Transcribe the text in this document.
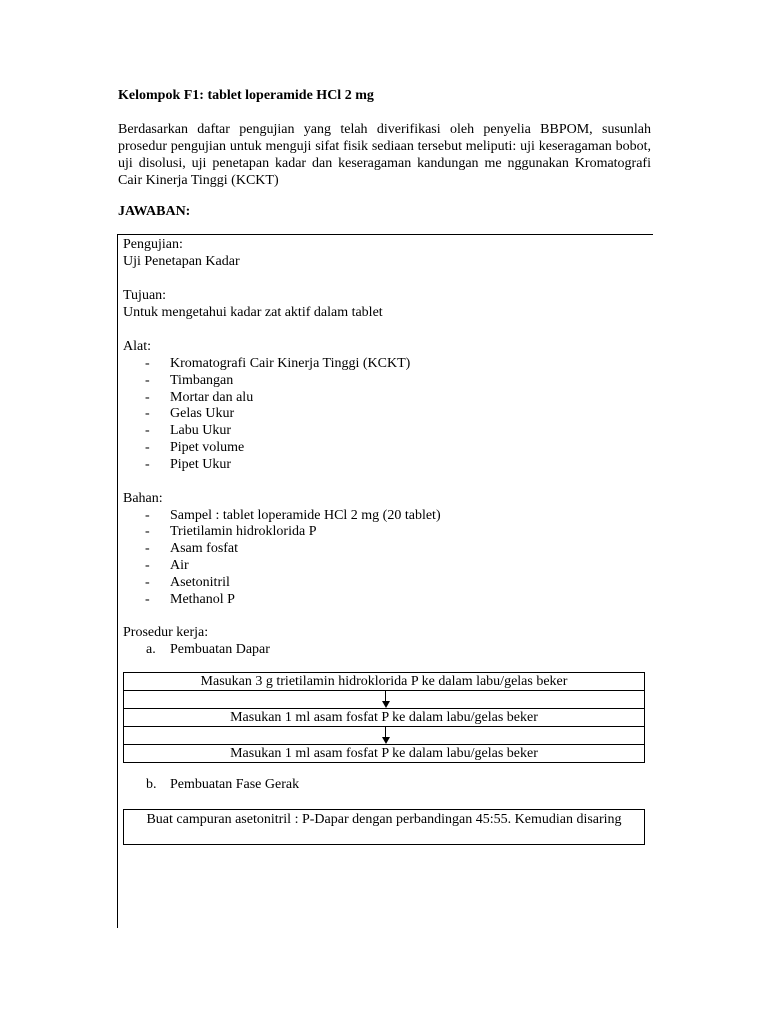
Kelompok F1: tablet loperamide HCl 2 mg

Berdasarkan daftar pengujian yang telah diverifikasi oleh penyelia BBPOM, susunlah prosedur pengujian untuk menguji sifat fisik sediaan tersebut meliputi: uji keseragaman bobot, uji disolusi, uji penetapan kadar dan keseragaman kandungan me nggunakan Kromatografi Cair Kinerja Tinggi (KCKT)

JAWABAN:
Pengujian:
Uji Penetapan Kadar
Tujuan:
Untuk mengetahui kadar zat aktif dalam tablet
Alat:
- Kromatografi Cair Kinerja Tinggi (KCKT)
- Timbangan
- Mortar dan alu
- Gelas Ukur
- Labu Ukur
- Pipet volume
- Pipet Ukur
Bahan:
- Sampel : tablet loperamide HCl 2 mg (20 tablet)
- Trietilamin hidroklorida P
- Asam fosfat
- Air
- Asetonitril
- Methanol P
Prosedur kerja:
a. Pembuatan Dapar
Masukan 3 g trietilamin hidroklorida P ke dalam labu/gelas beker
Masukan 1 ml asam fosfat P ke dalam labu/gelas beker
Masukan 1 ml asam fosfat P ke dalam labu/gelas beker
b. Pembuatan Fase Gerak
Buat campuran asetonitril : P-Dapar dengan perbandingan 45:55. Kemudian disaring
